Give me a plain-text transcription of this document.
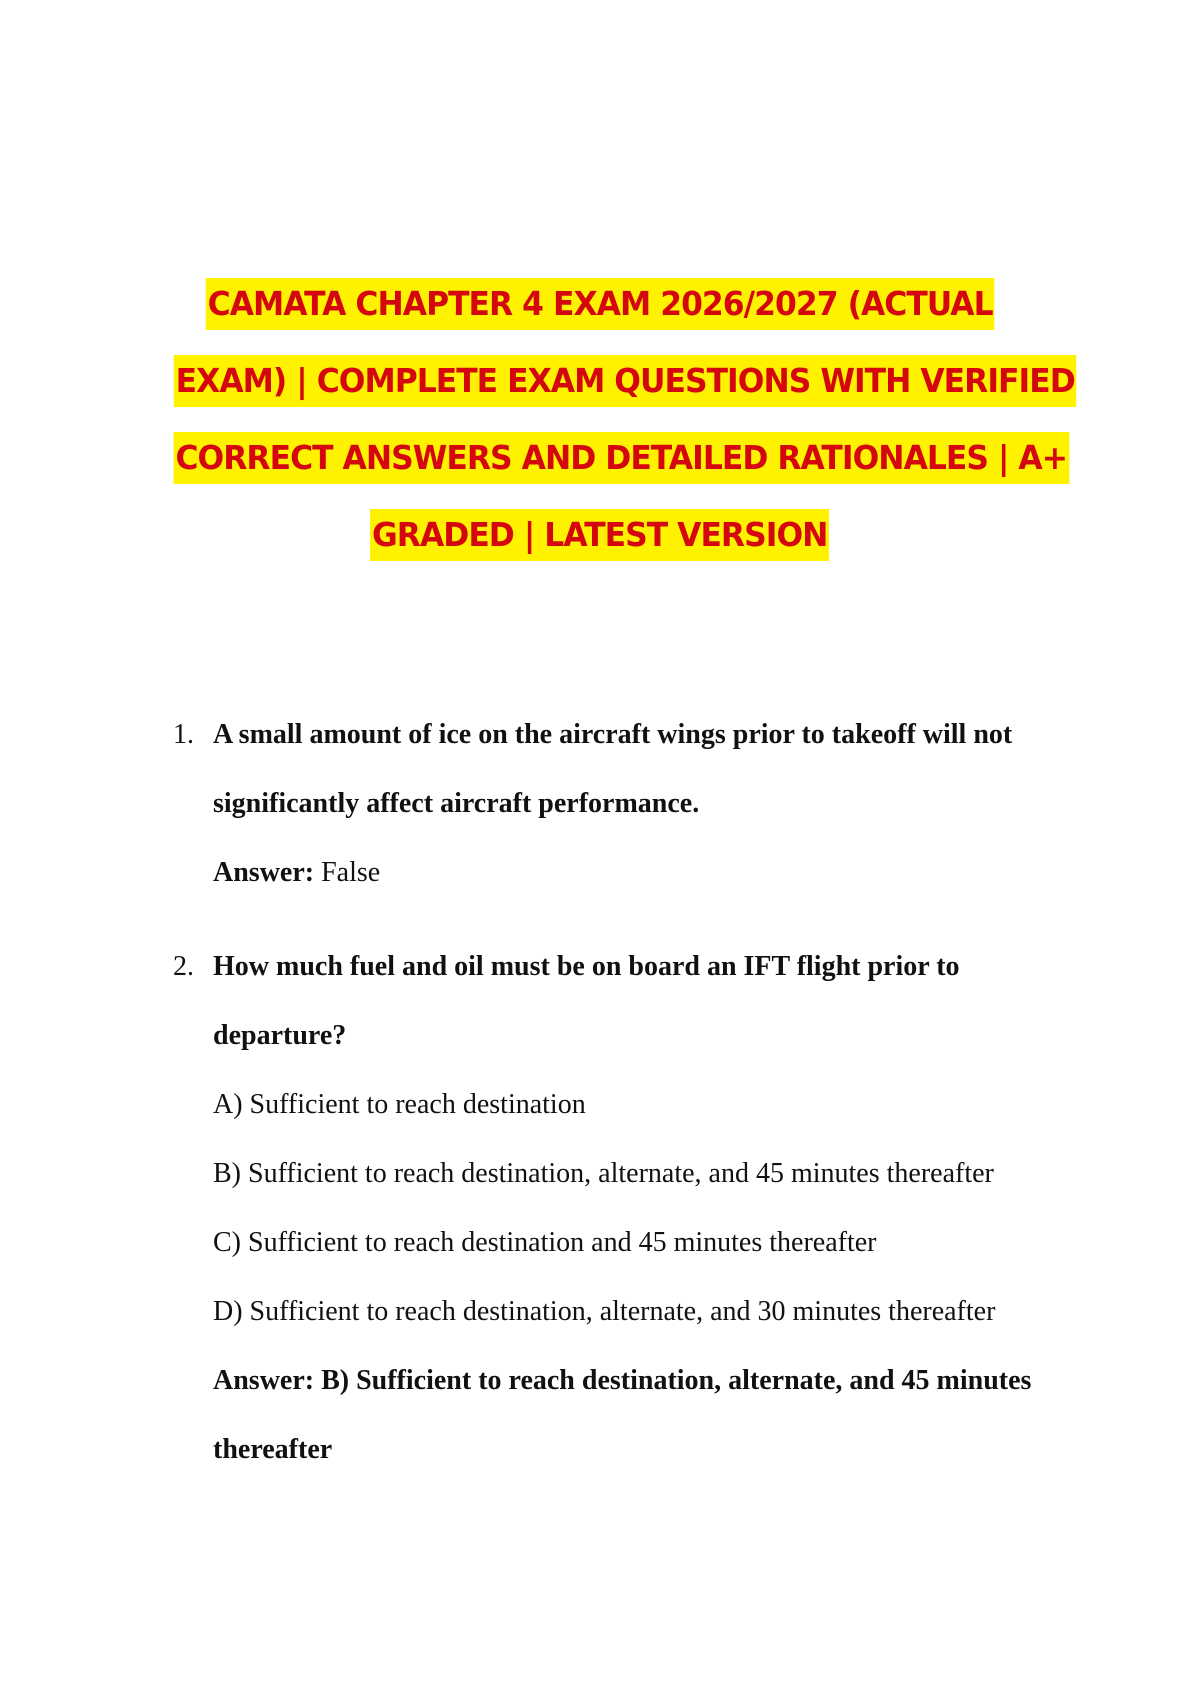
CAMATA CHAPTER 4 EXAM 2026/2027 (ACTUAL
EXAM) | COMPLETE EXAM QUESTIONS WITH VERIFIED
CORRECT ANSWERS AND DETAILED RATIONALES | A+
GRADED | LATEST VERSION
1. A small amount of ice on the aircraft wings prior to takeoff will not
significantly affect aircraft performance.
Answer: False
2. How much fuel and oil must be on board an IFT flight prior to
departure?
A) Sufficient to reach destination
B) Sufficient to reach destination, alternate, and 45 minutes thereafter
C) Sufficient to reach destination and 45 minutes thereafter
D) Sufficient to reach destination, alternate, and 30 minutes thereafter
Answer: B) Sufficient to reach destination, alternate, and 45 minutes
thereafter
